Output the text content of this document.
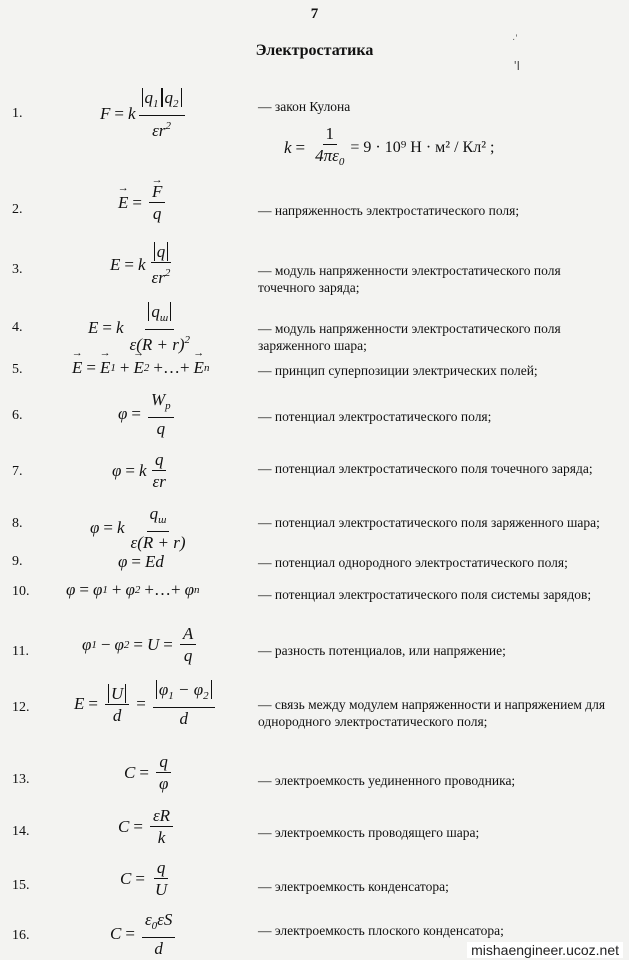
7
Электростатика
·ʼ
'I
1.	F = k $\frac{q_1 q_2}{\varepsilon r^2}$	— закон Кулона
$k = \frac{1}{4\pi\varepsilon_0} = 9 \cdot 10^9$ Н · м² / Кл² ;
2.	→ E = → $\frac{F}{q}$	— напряженность электростатического поля;
3.	E = k $\frac{q}{\varepsilon r^2}$	— модуль напряженности электростатического поля точечного заряда;
4.	E = k $\frac{q_ш}{\varepsilon(R + r)^2}$	— модуль напряженности электростатического поля заряженного шара;
5.	→ E = → E 1 + → E 2 +…+ → E n	— принцип суперпозиции электрических полей;
6.	$\varphi = \frac{W_p}{q}$	— потенциал электростатического поля;
7.	φ = k $\frac{q}{\varepsilon r}$	— потенциал электростатического поля точечного заряда;
8.	φ = k $\frac{q_ш}{\varepsilon(R + r)}$	— потенциал электростатического поля заряженного шара;
9.	φ = Ed	— потенциал однородного электростатического поля;
10. φ = φ 1 + φ 2 +…+ φ n	— потенциал электростатического поля системы зарядов;
11.	φ 1 − φ $2 = U = \frac{A}{q}$	— разность потенциалов, или напряжение;
12.	$E = \frac{U}{d} = \frac{\varphi_1 - \varphi_2}{d}$	— связь между модулем напряженности и напряжением для однородного электростатического поля;
13.	$C = \frac{q}{\varphi}$	— электроемкость уединенного проводника;
14.	$C = \frac{\varepsilon R}{k}$	— электроемкость проводящего шара;
15.	$C = \frac{q}{U}$	— электроемкость конденсатора;
16.	$C = \frac{\varepsilon_0\varepsilon S}{d}$	— электроемкость плоского конденсатора;
mishaengineer.ucoz.net
